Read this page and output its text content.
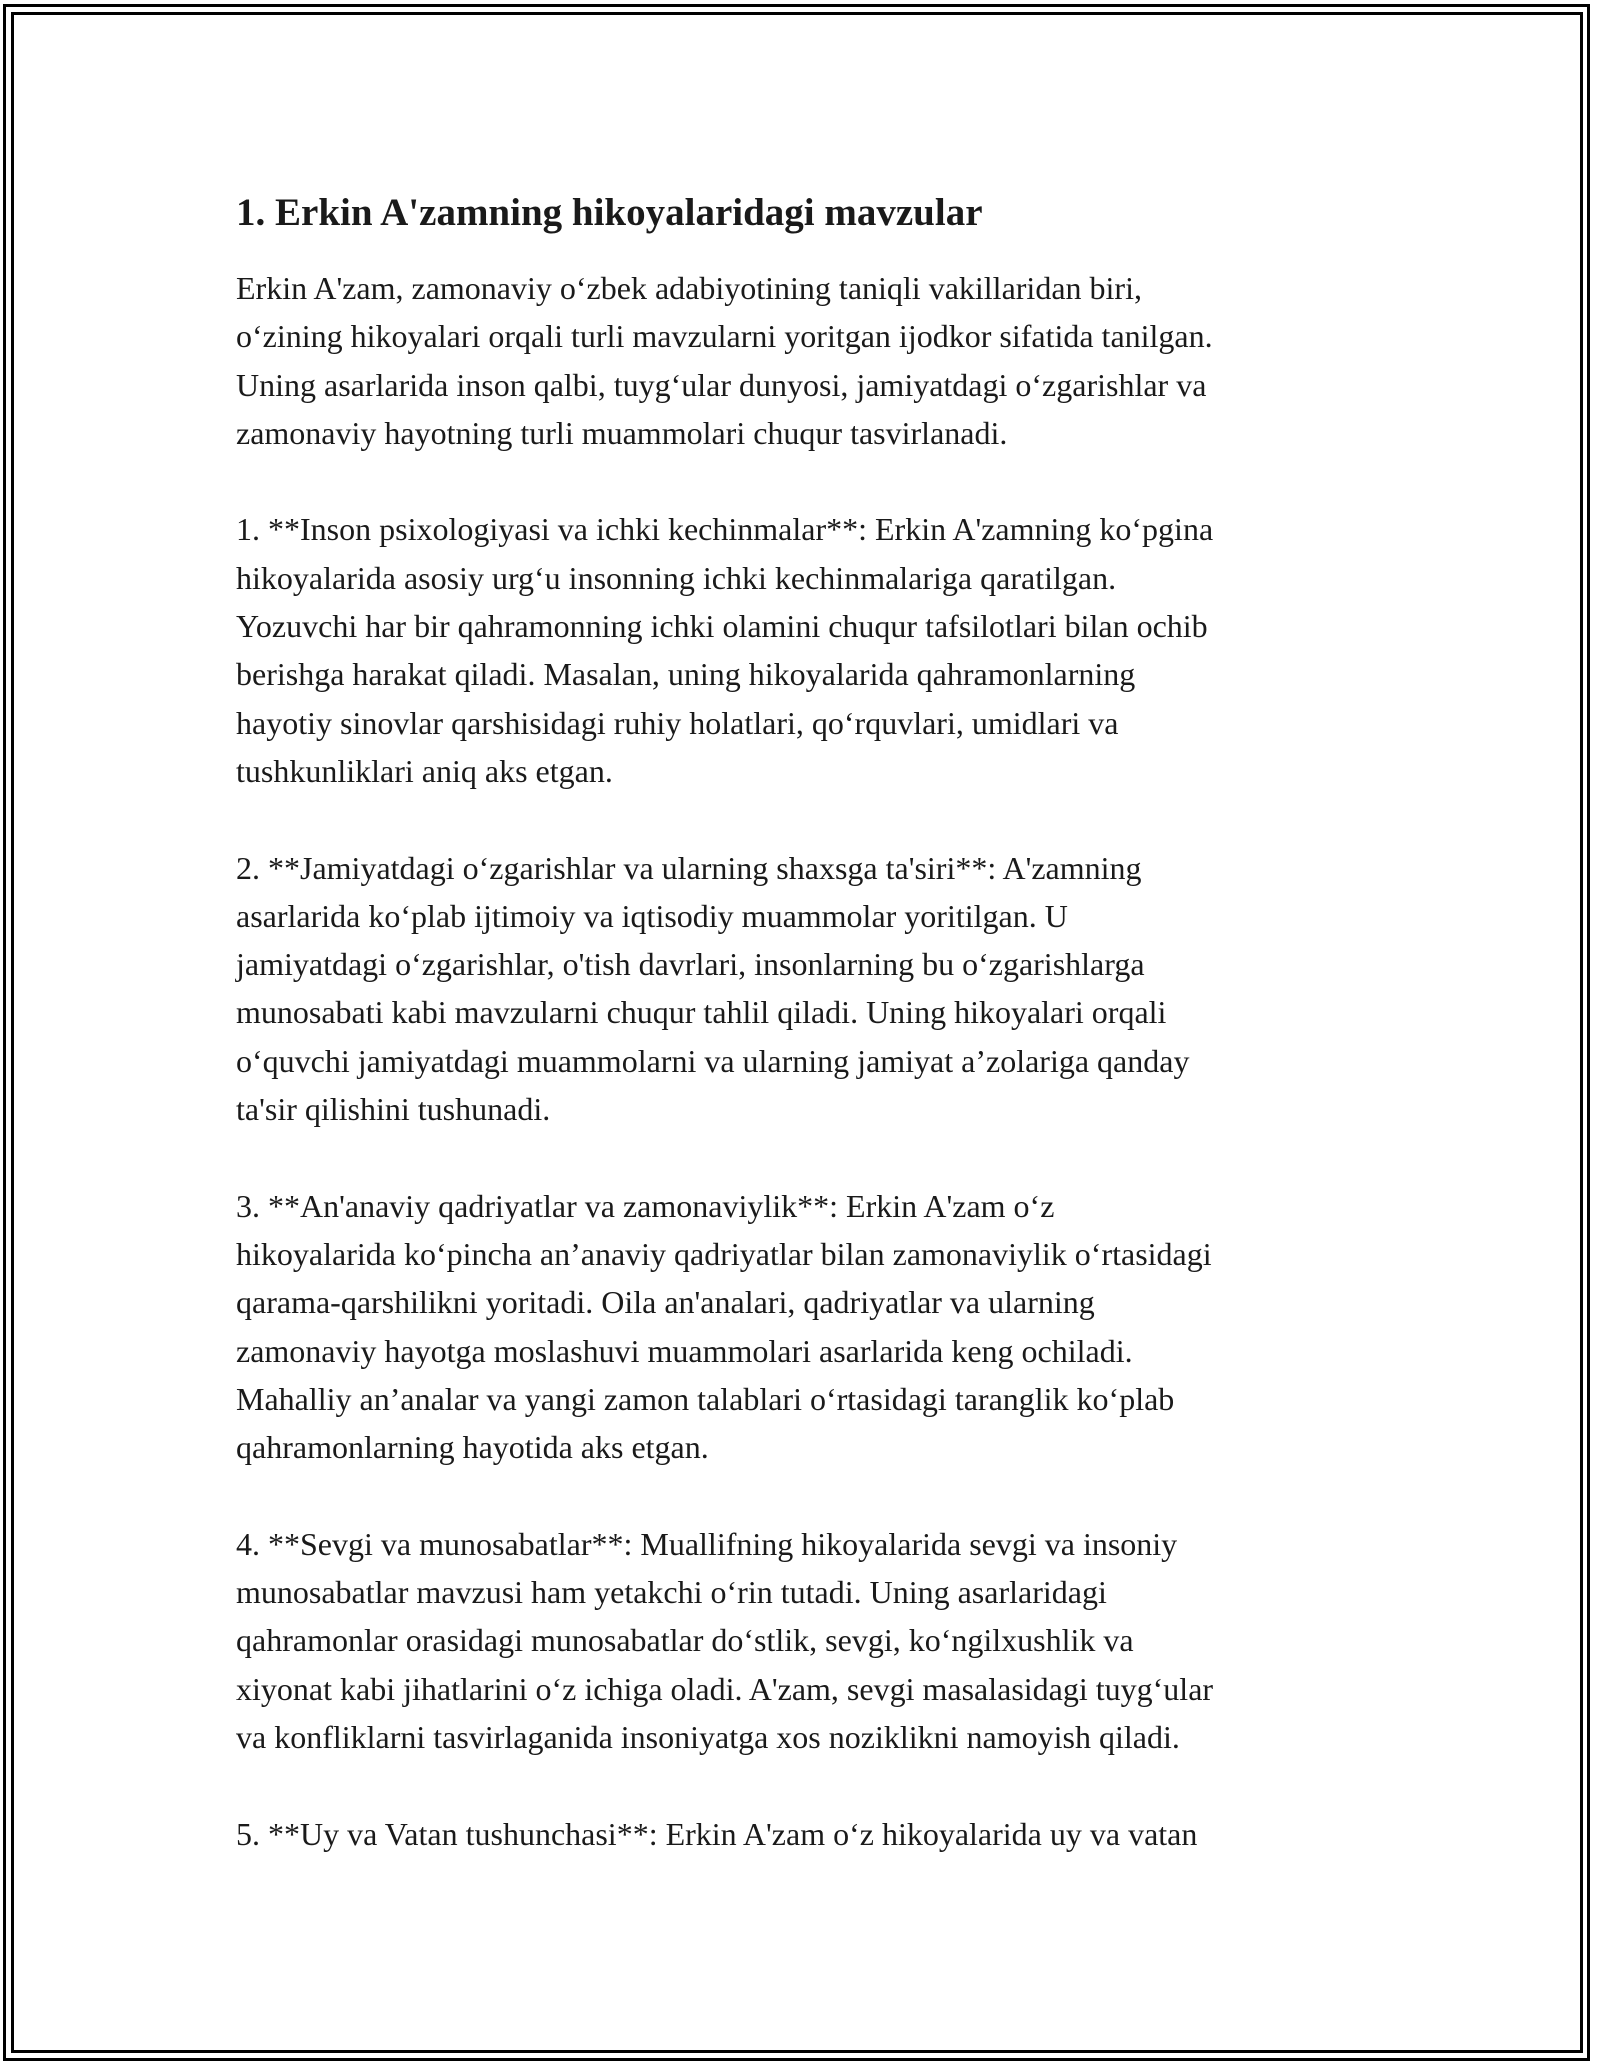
1. Erkin A'zamning hikoyalaridagi mavzular
Erkin A'zam, zamonaviy o‘zbek adabiyotining taniqli vakillaridan biri,
o‘zining hikoyalari orqali turli mavzularni yoritgan ijodkor sifatida tanilgan.
Uning asarlarida inson qalbi, tuyg‘ular dunyosi, jamiyatdagi o‘zgarishlar va
zamonaviy hayotning turli muammolari chuqur tasvirlanadi.
1. **Inson psixologiyasi va ichki kechinmalar**: Erkin A'zamning ko‘pgina
hikoyalarida asosiy urg‘u insonning ichki kechinmalariga qaratilgan.
Yozuvchi har bir qahramonning ichki olamini chuqur tafsilotlari bilan ochib
berishga harakat qiladi. Masalan, uning hikoyalarida qahramonlarning
hayotiy sinovlar qarshisidagi ruhiy holatlari, qo‘rquvlari, umidlari va
tushkunliklari aniq aks etgan.
2. **Jamiyatdagi o‘zgarishlar va ularning shaxsga ta'siri**: A'zamning
asarlarida ko‘plab ijtimoiy va iqtisodiy muammolar yoritilgan. U
jamiyatdagi o‘zgarishlar, o'tish davrlari, insonlarning bu o‘zgarishlarga
munosabati kabi mavzularni chuqur tahlil qiladi. Uning hikoyalari orqali
o‘quvchi jamiyatdagi muammolarni va ularning jamiyat a’zolariga qanday
ta'sir qilishini tushunadi.
3. **An'anaviy qadriyatlar va zamonaviylik**: Erkin A'zam o‘z
hikoyalarida ko‘pincha an’anaviy qadriyatlar bilan zamonaviylik o‘rtasidagi
qarama-qarshilikni yoritadi. Oila an'analari, qadriyatlar va ularning
zamonaviy hayotga moslashuvi muammolari asarlarida keng ochiladi.
Mahalliy an’analar va yangi zamon talablari o‘rtasidagi taranglik ko‘plab
qahramonlarning hayotida aks etgan.
4. **Sevgi va munosabatlar**: Muallifning hikoyalarida sevgi va insoniy
munosabatlar mavzusi ham yetakchi o‘rin tutadi. Uning asarlaridagi
qahramonlar orasidagi munosabatlar do‘stlik, sevgi, ko‘ngilxushlik va
xiyonat kabi jihatlarini o‘z ichiga oladi. A'zam, sevgi masalasidagi tuyg‘ular
va konfliklarni tasvirlaganida insoniyatga xos noziklikni namoyish qiladi.
5. **Uy va Vatan tushunchasi**: Erkin A'zam o‘z hikoyalarida uy va vatan
